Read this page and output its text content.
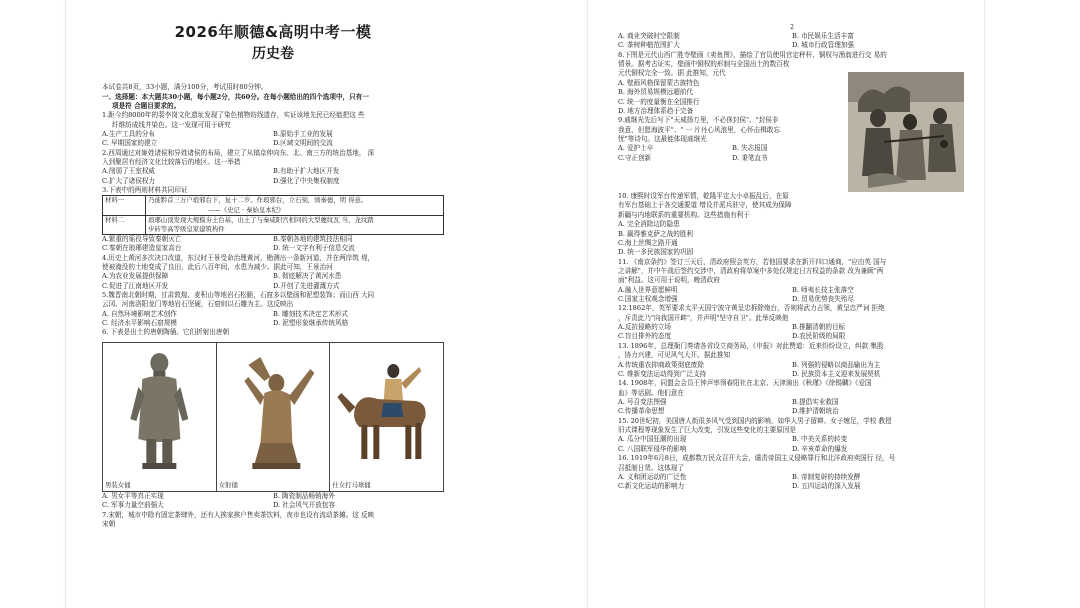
2026年顺德&高明中考一模
历史卷
本试卷共8页，33小题，满分100分，考试用时80分钟。
一、选择题：本大题共30小题，每小题2分，共60分。在每小题给出的四个选项中，只有一
项是符 合题目要求的。
1.距今约8000年的裴李岗文化遗址发现了染色植物纺线遗存，实证该地先民已经能把这 些
纤维纺成线并染色。这一发现可用于研究
A.生产工具的分布	B.原始手工业的发展
C. 早期国家的建立	D.区域文明间的交流
2.西周通过对姬姓诸侯和异姓诸侯的布局，建立了从镐京伸向东、北、南三方的统治基地， 深
入到聚居有经济文化比较落后的地区。这一举措
A.削弱了王室权威	B.有助于扩大地区开发
C.扩大了诸侯权力	D.强化了中央集权制度
3.下表中的两则材料共同印证
材料一	乃徙黔首三万户琅邪台下，复十二岁。作琅邪台，立石刻，颂秦德，明 得意。
——《史记 · 秦始皇本纪》

材料二	琅琊山顶发现大规模夯土台基，出土了与秦咸阳宫相同的大型夔纹瓦 当、龙纹踏
步砖等高等级皇家建筑构件
A.繁重的徭役导致秦朝灭亡	B.秦朝各地的建筑技法相同
C.秦朝在琅琊建造皇家高台	D. 统一文字有利于信息交流
4.历史上黄河多次决口改道，东汉时王景受命治理黄河，勘测出一条新河道，并在两岸筑 堤，
使被淹没的土地变成了良田，此后八百年间，水患为减少。据此可知，王景治河
A.为农业发展提供保障	B. 彻底解决了黄河水患
C.促进了江南地区开发	D.开创了先进灌溉方式
5.魏晋南北朝时期，甘肃敦煌、麦积山等地岩石松脆，石窟多以壁画和泥塑装饰；而山西 大同
云冈、河南洛阳龙门等地岩石坚硬，石窟则以石雕为主。这反映出
A. 自然环境影响艺术创作	B. 雕刻技术决定艺术形式
C. 经济水平影响石窟规模	D. 泥塑形象继承传统风格
6. 下表是出土的唐朝陶俑。它们折射出唐朝
男装女俑	女射俑	仕女打马球俑
A. 男女平等真正实现	B. 陶瓷制品畅销海外
C. 军事力量空前强大	D. 社会风气开放包容
7.宋朝，城市中除有固定茶肆外，还有人挨家挨户售卖茶饮料，夜市也设有流动茶摊。这 反映
宋朝
2
A. 商业突破时空限制	B. 市民娱乐生活丰富
C. 茶树种植范围扩大	D. 城市行政管理加强
8.下图是元代山西广胜寺壁画《卖鱼图》，描绘了官员使用官定秤杆、铜权与渔翁进行交 易的
情景。据考古证实，壁画中铜权的形制与全国出土的数百枚
元代铜权完全一致。据 此推知，元代
A. 壁画风格保留蒙古族特色
B. 海外贸易规模远超前代
C. 统一的度量衡在全国推行
D. 地方治理体系趋于完备
9.戚继光先后写下"天威扬万里，不必侈封侯"、"封侯非
我意，但愿海波平"、" 一 片丹心风浪里，心怀击楫敢忘
忧"等诗句。这最能体现戚继光
A. 爱护士卒	B. 失志报国
C.守正创新	D. 秉笔直书
10. 康熙时设军台传递军情，乾隆平定大小卓振乱后，在原
有军台基础上于各交通要道 增设并派兵驻守，使其成为保障
新疆与内地联系的重要机构。这些措施有利于
A. 完全消除边防隐患
B. 赢得雅克萨之战的胜利
C.海上丝绸之路开通
D. 统一多民族国家的巩固
11. 《南京条约》签订三天后，清政府照会英方，若他国要求在新开四口通商，"应由英 国与
之讲解"，并中午战后签约交涉中，清政府将草案中多处仅规定日方权益的条款 改为兼顾"两
面"利益。这可用于说明，晚清政府
A.融入世界意愿鲜明	B. 师夷长技主张落空
C.国家主权观念增强	D. 贸易优势丧失殆尽
12.1862年，英军要求太平天国宁波守黄呈忠拆除炮台，否则将武力占领，黄呈忠严词 拒绝
，斥责此乃"向我国开衅"，并声明"坚守自卫"。此举反映他
A.反抗侵略的立场	B.推翻清朝的目标
C.盲目排外的态度	D.农民阶级的局限
13. 1896年，总理衙门奏请各省设立商务局，《申报》对此赞道：近来纷纷设立，纠款 集股
，协力兴建，可见风气大开。据此推知
A.传统重农抑商政策彻底废除	B. 列强的侵略以商品输出为主
C. 维新变法运动得到广泛支持	D. 民族资本主义迎来发展契机
14. 1908年，同盟会会员王钟声率领春阳社在北京、天津演出《秋瑾》《徐锡麟》《爱国
血》等话剧。他们意在
A. 号召变法图强	B.提倡实业救国
C.传播革命思想	D.维护清朝统治
15. 20世纪初，美国唐人街很多风气受到国内的影响，如华人男子留辫、女子缠足，学校 教授
旧式课程等现象发生了巨大改变，引发这些变化的主要原因是
A. 瓜分中国狂潮的出现	B. 中美关系的转变
C. 八国联军侵华的影响	D. 辛亥革命的爆发
16. 1919年6月8日，成都数万民众召开大会，谴责帝国主义侵略罪行和北洋政府卖国行 径，号
召抵制日货。这体现了
A. 义和团运动的广泛性	B. 帝制复辟的持续发酵
C.新文化运动的影响力	D. 五四运动的深入发展
